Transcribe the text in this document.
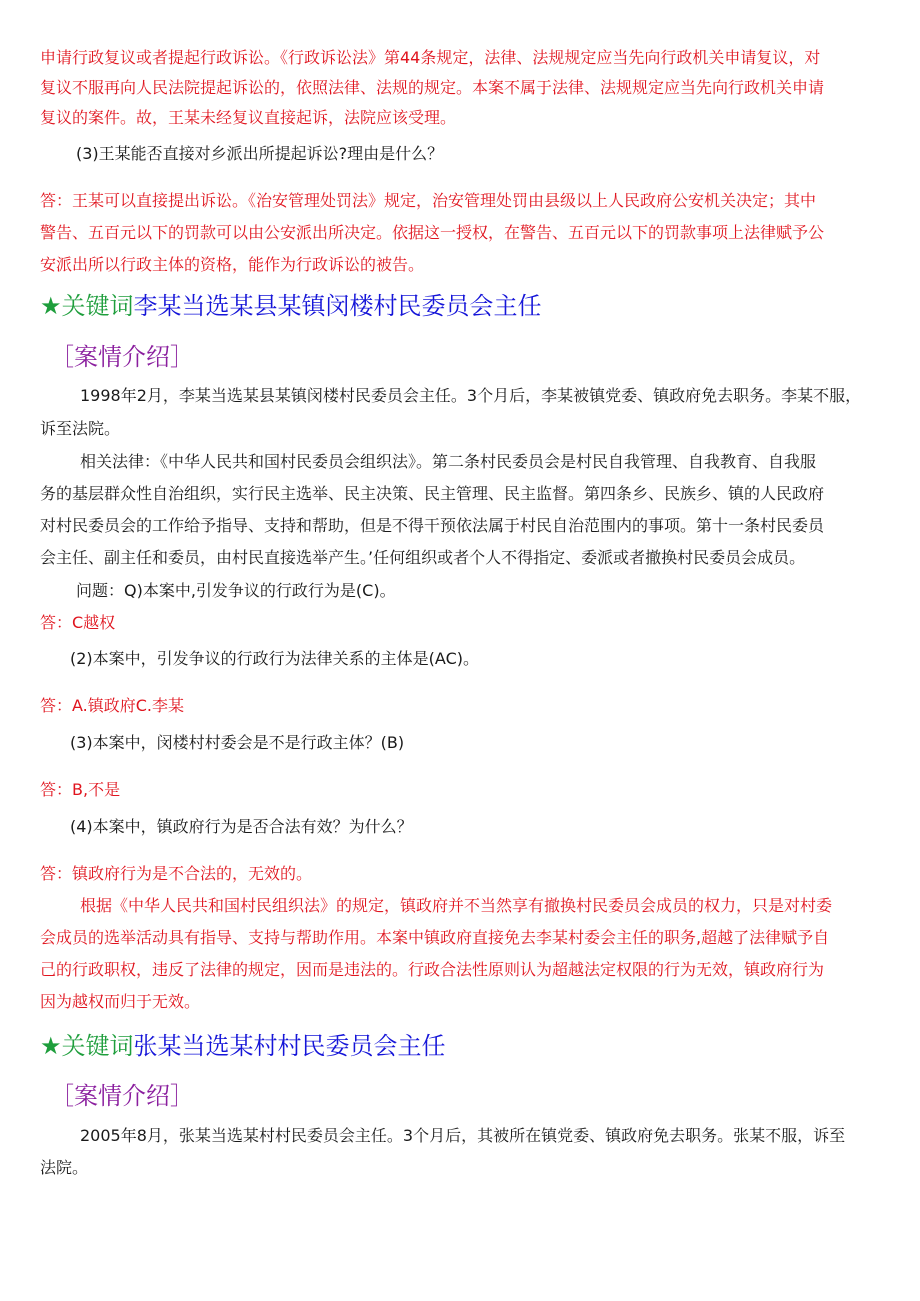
申请行政复议或者提起行政诉讼。《行政诉讼法》第44条规定，法律、法规规定应当先向行政机关申请复议，对
复议不服再向人民法院提起诉讼的，依照法律、法规的规定。本案不属于法律、法规规定应当先向行政机关申请
复议的案件。故，王某未经复议直接起诉，法院应该受理。
(3)王某能否直接对乡派出所提起诉讼?理由是什么？
答：王某可以直接提出诉讼。《治安管理处罚法》规定，治安管理处罚由县级以上人民政府公安机关决定；其中
警告、五百元以下的罚款可以由公安派出所决定。依据这一授权，在警告、五百元以下的罚款事项上法律赋予公
安派出所以行政主体的资格，能作为行政诉讼的被告。
★关键词李某当选某县某镇闵楼村民委员会主任
［案情介绍］
1998年2月，李某当选某县某镇闵楼村民委员会主任。3个月后，李某被镇党委、镇政府免去职务。李某不服，
诉至法院。
相关法律：《中华人民共和国村民委员会组织法》。第二条村民委员会是村民自我管理、自我教育、自我服
务的基层群众性自治组织，实行民主选举、民主决策、民主管理、民主监督。第四条乡、民族乡、镇的人民政府
对村民委员会的工作给予指导、支持和帮助，但是不得干预依法属于村民自治范围内的事项。第十一条村民委员
会主任、副主任和委员，由村民直接选举产生。’任何组织或者个人不得指定、委派或者撤换村民委员会成员。
问题：Q)本案中,引发争议的行政行为是(C)。
答：C越权
(2)本案中，引发争议的行政行为法律关系的主体是(AC)。
答：A.镇政府C.李某
(3)本案中，闵楼村村委会是不是行政主体？(B)
答：B,不是
(4)本案中，镇政府行为是否合法有效？为什么？
答：镇政府行为是不合法的，无效的。
根据《中华人民共和国村民组织法》的规定，镇政府并不当然享有撤换村民委员会成员的权力，只是对村委
会成员的选举活动具有指导、支持与帮助作用。本案中镇政府直接免去李某村委会主任的职务,超越了法律赋予自
己的行政职权，违反了法律的规定，因而是违法的。行政合法性原则认为超越法定权限的行为无效，镇政府行为
因为越权而归于无效。
★关键词张某当选某村村民委员会主任
［案情介绍］
2005年8月，张某当选某村村民委员会主任。3个月后，其被所在镇党委、镇政府免去职务。张某不服，诉至
法院。
